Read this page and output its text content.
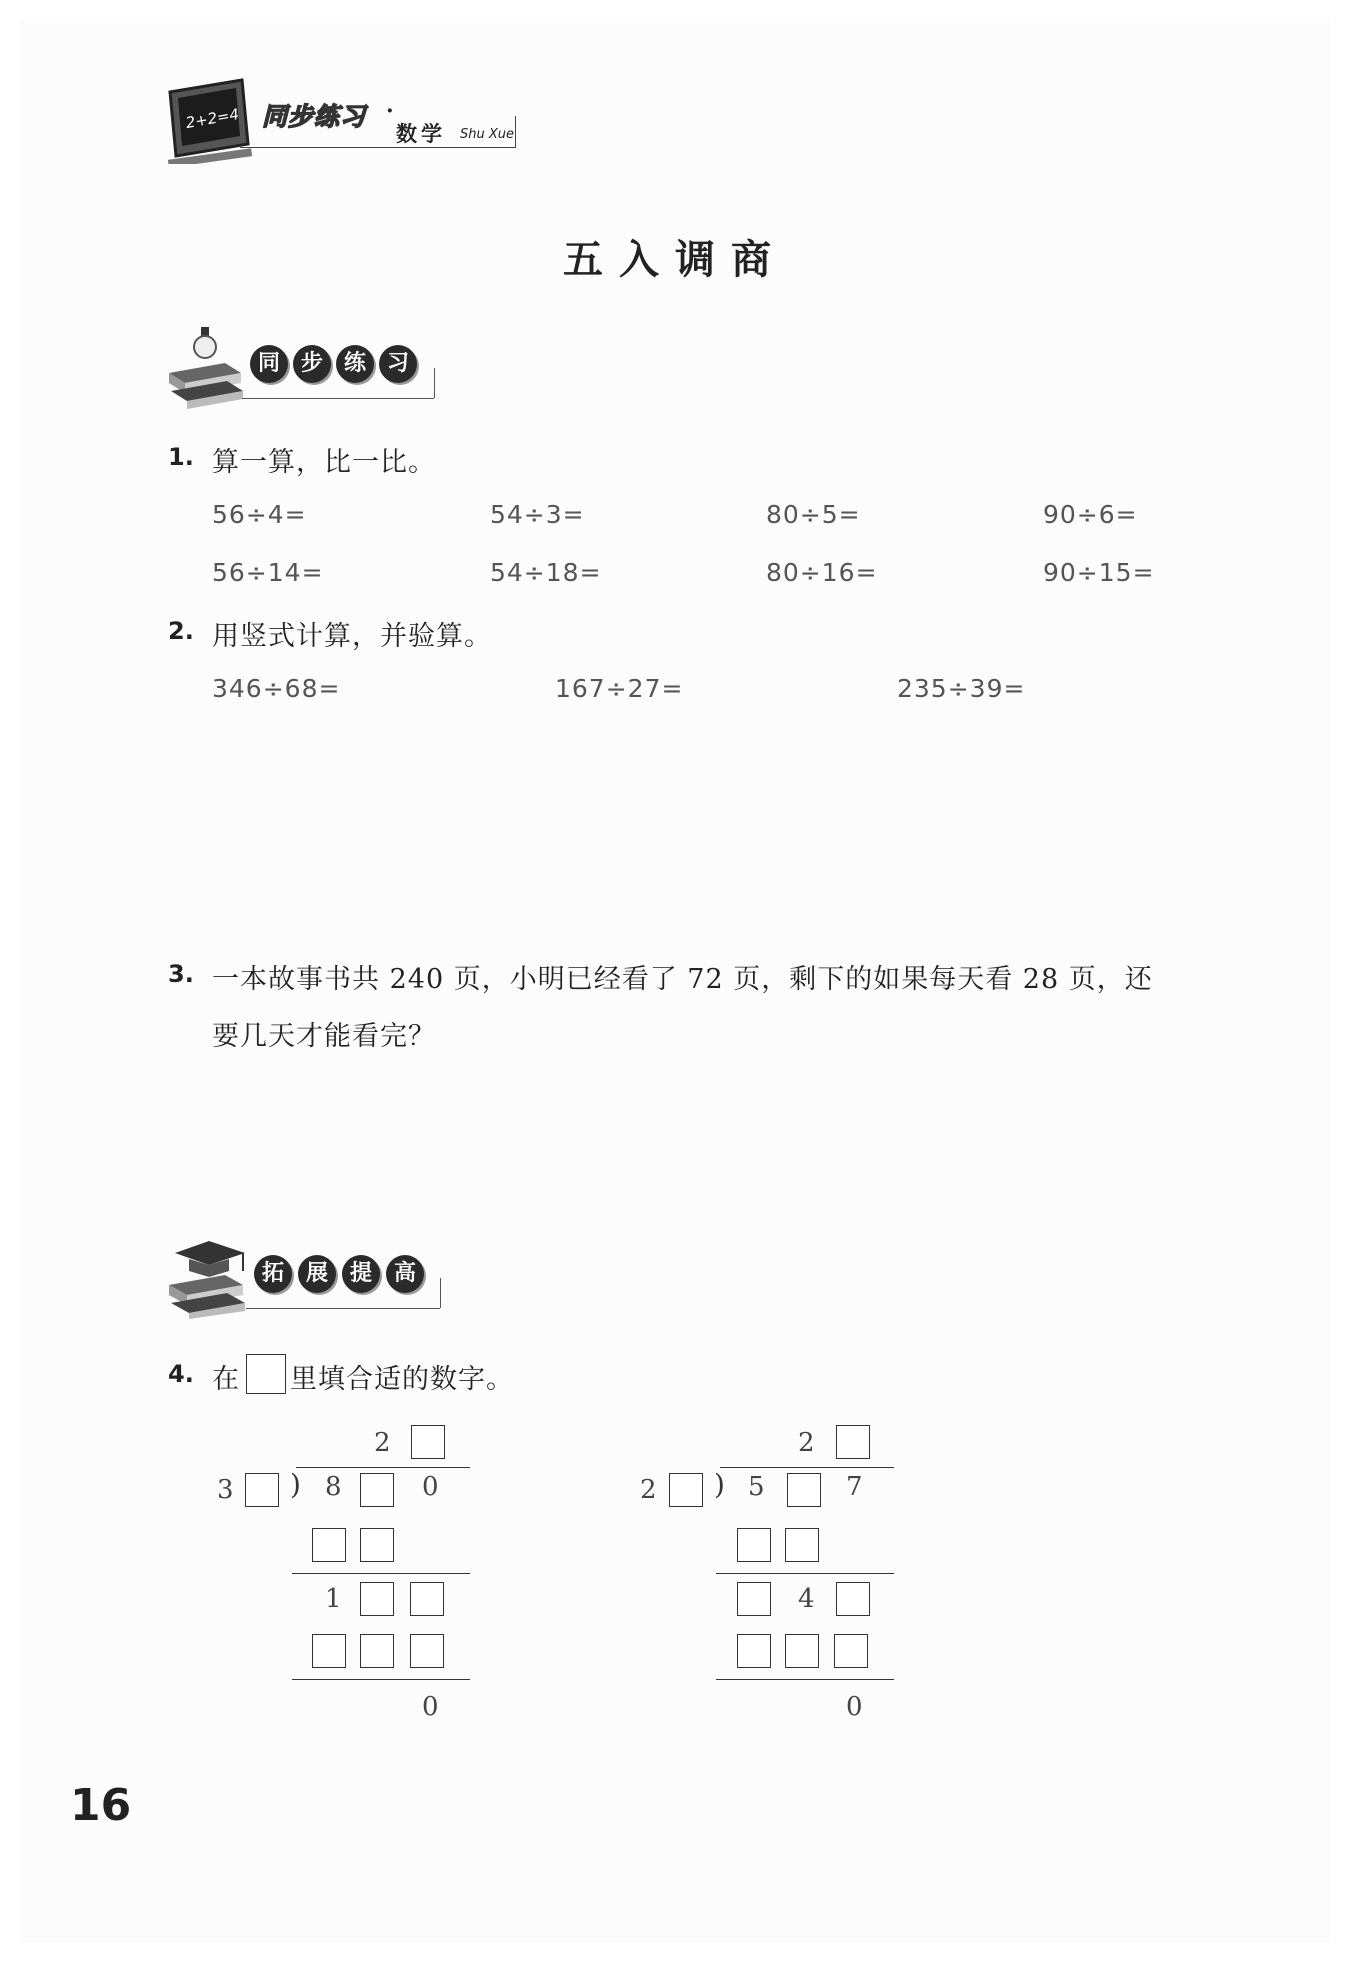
2+2=4 同步练习 ·
数学 Shu Xue
五入调商
同 步 练 习
1. 算一算，比一比。
56÷4=	54÷3=	80÷5=	90÷6=
56÷14=	54÷18=	80÷16=	90÷15=
2. 用竖式计算，并验算。
346÷68=	167÷27=	235÷39=
3. 一本故事书共 240 页，小明已经看了 72 页，剩下的如果每天看 28 页，还
要几天才能看完？
拓 展 提 高
4. 在 里填合适的数字。
2
3 ) 8	0
1
0
2
2 ) 5	7
4
0
16
